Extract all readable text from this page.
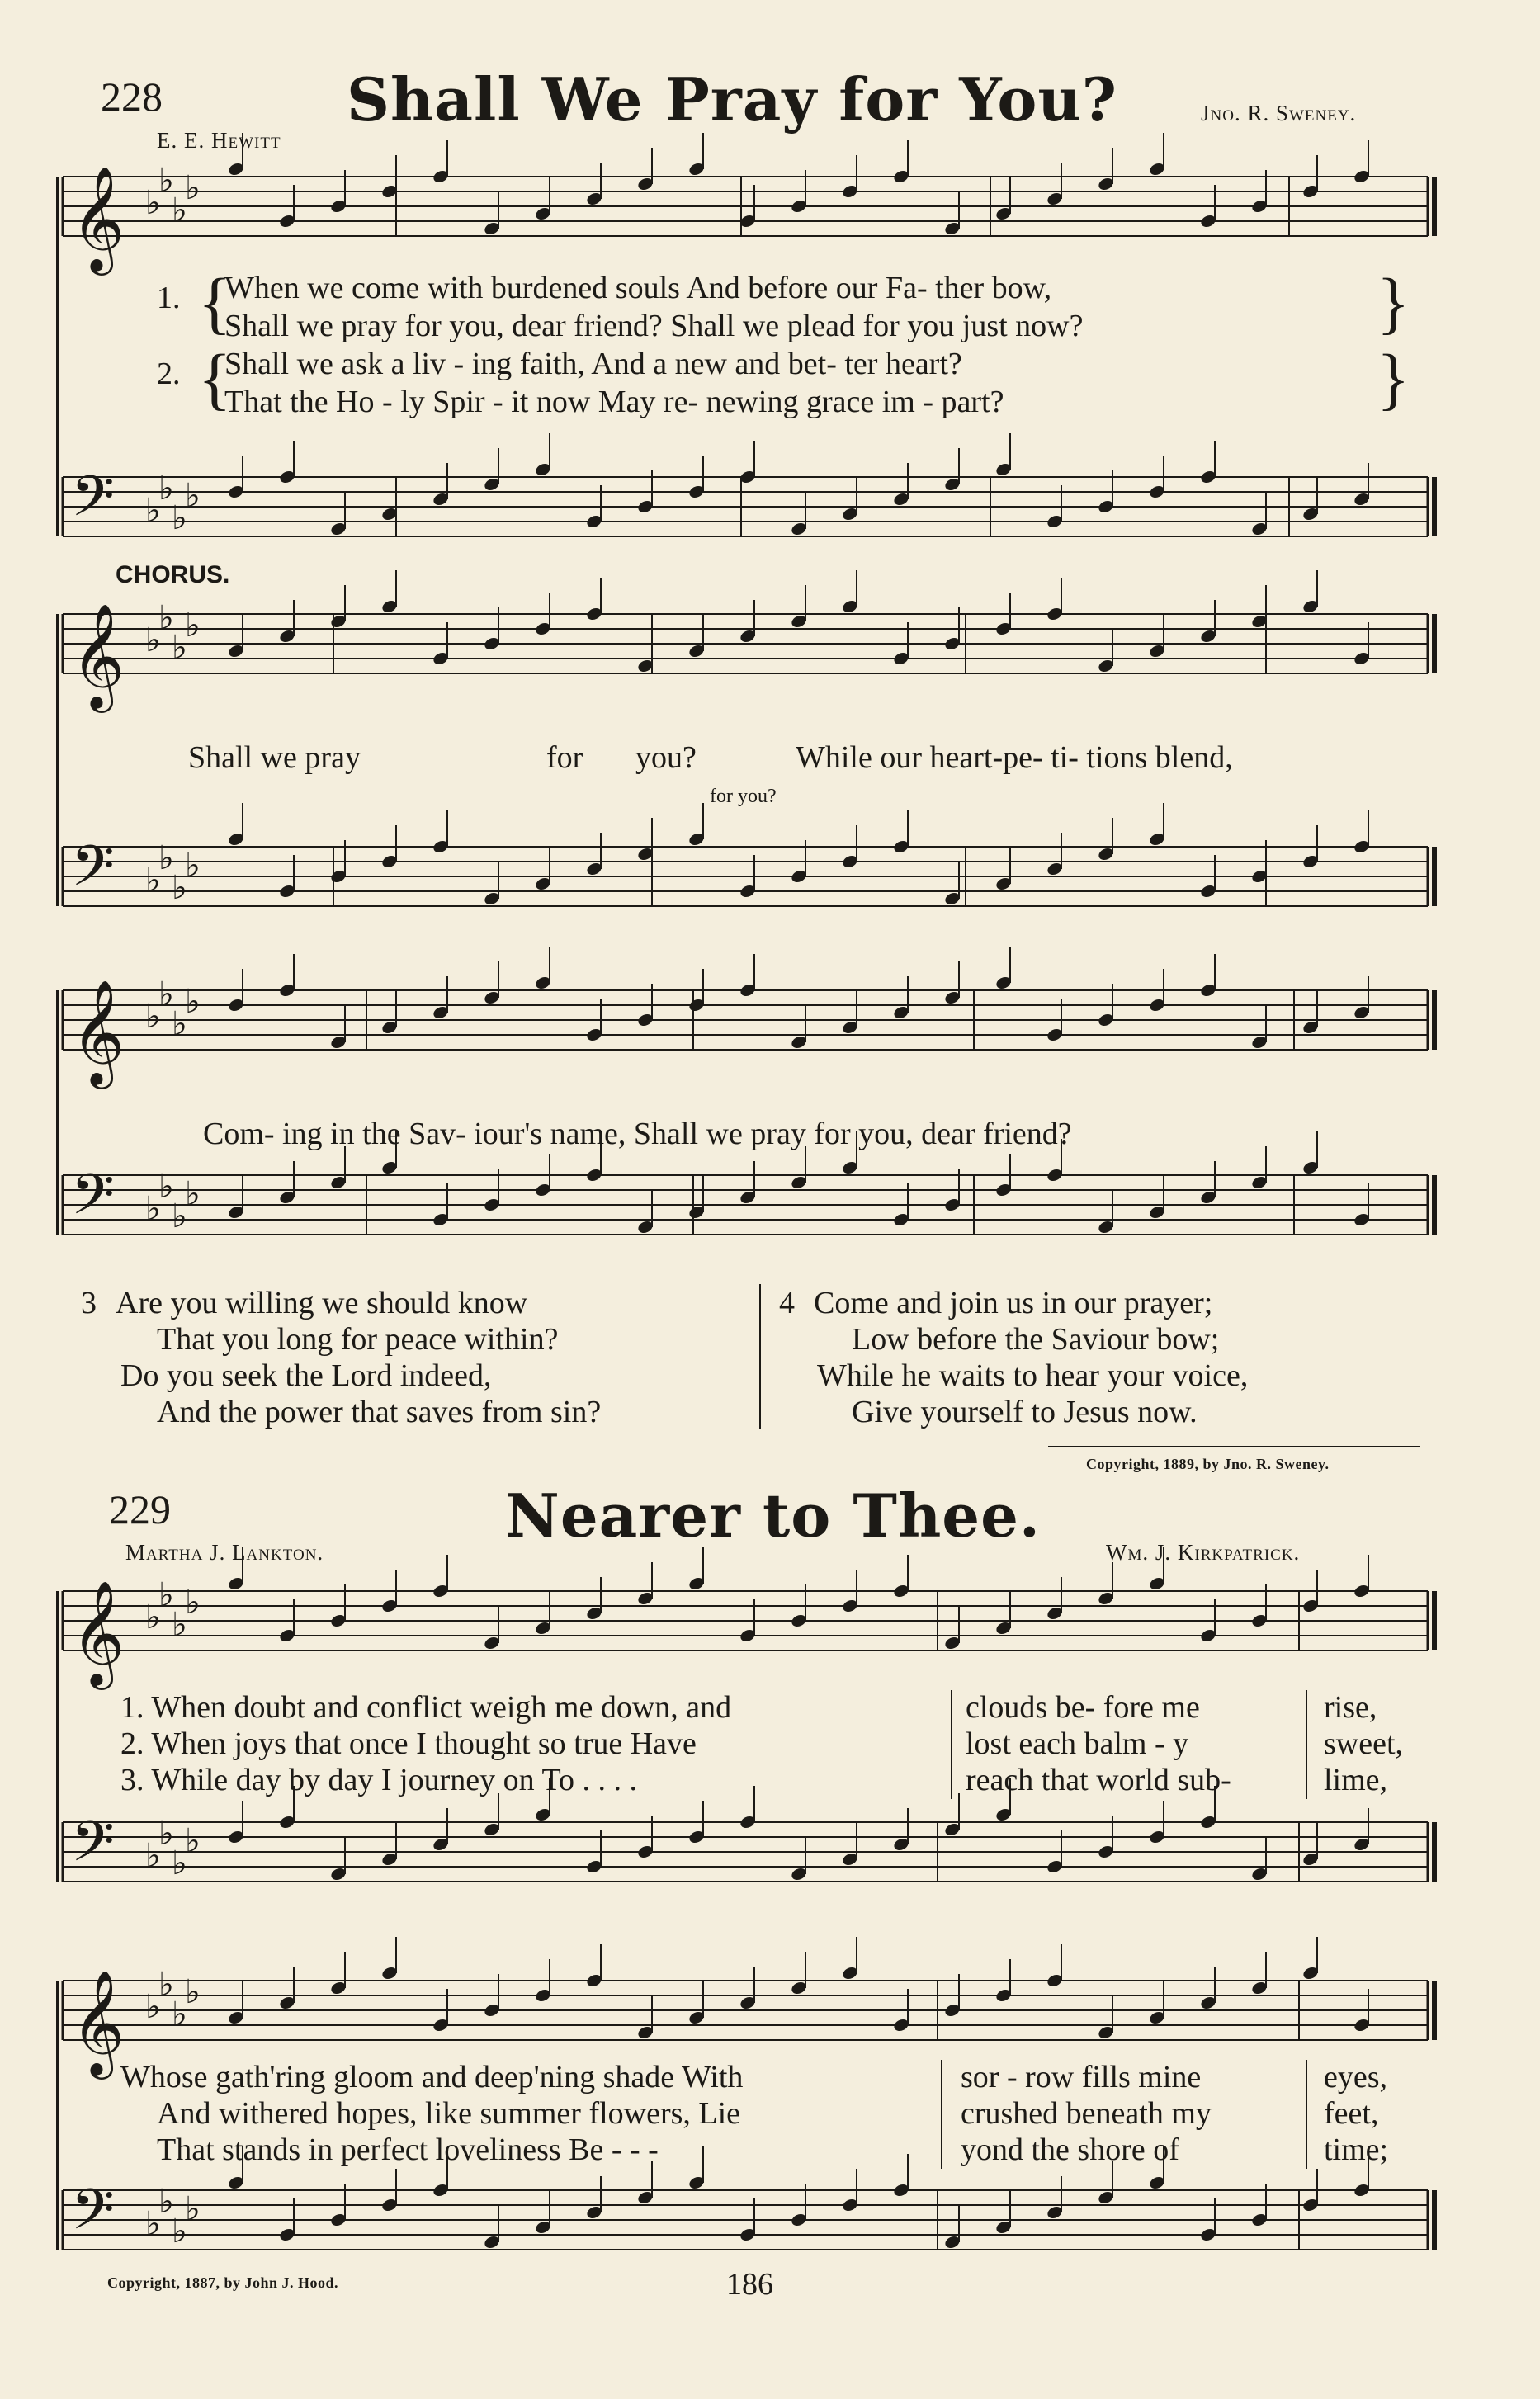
𝄞 ♭
♭
♭
♭
𝄢 ♭
♭
♭
♭
𝄞 ♭
♭
♭
♭
𝄢 ♭
♭
♭
♭
𝄞 ♭
♭
♭
♭
𝄢 ♭
♭
♭
♭
𝄞 ♭
♭
♭
♭
𝄢 ♭
♭
♭
♭
𝄞 ♭
♭
♭
♭
𝄢 ♭
♭
♭
♭
228	Shall We Pray for You?
E. E. Hewitt
Jno. R. Sweney.
1.
2.
{
{
}
}
When we come with burdened souls And before our Fa- ther bow,
Shall we pray for you, dear friend? Shall we plead for you just now?
Shall we ask a liv - ing faith, And a new and bet- ter heart?
That the Ho - ly Spir - it now May re- newing grace im - part?
CHORUS.
Shall we pray	for you?	While our heart-pe- ti- tions blend,
for you?
Com- ing in the Sav- iour's name, Shall we pray for you, dear friend?
3 Are you willing we should know
That you long for peace within?
Do you seek the Lord indeed,
And the power that saves from sin?
4 Come and join us in our prayer;
Low before the Saviour bow;
While he waits to hear your voice,
Give yourself to Jesus now.
Copyright, 1889, by Jno. R. Sweney.
229	Nearer to Thee.
Martha J. Lankton.	Wm. J. Kirkpatrick.
1. When doubt and conflict weigh me down, and	clouds be- fore me	rise,
2. When joys that once I thought so true Have	lost each balm - y	sweet,
3. While day by day I journey on To . . . .	reach that world sub-	lime,
Whose gath'ring gloom and deep'ning shade With	sor - row fills mine	eyes,
And withered hopes, like summer flowers, Lie	crushed beneath my	feet,
That stands in perfect loveliness Be - - -	yond the shore of	time;
Copyright, 1887, by John J. Hood.	186
